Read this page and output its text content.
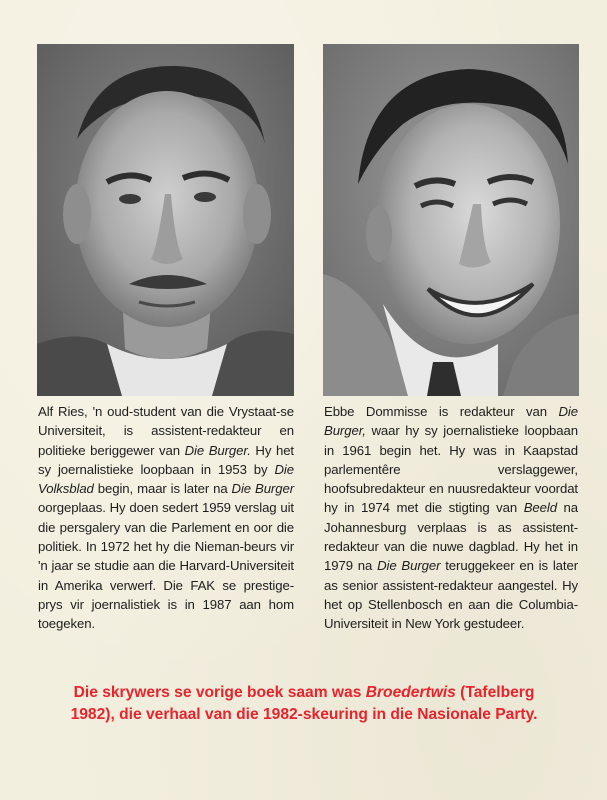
Alf Ries, 'n oud-student van die Vrystaat-se Universiteit, is assistent-redakteur en politieke beriggewer van Die Burger. Hy het sy joernalistieke loopbaan in 1953 by Die Volksblad begin, maar is later na Die Burger oorgeplaas. Hy doen sedert 1959 verslag uit die persgalery van die Parlement en oor die politiek. In 1972 het hy die Nieman-beurs vir 'n jaar se studie aan die Harvard-Universiteit in Amerika verwerf. Die FAK se prestige-prys vir joernalistiek is in 1987 aan hom toegeken.
Ebbe Dommisse is redakteur van Die Burger, waar hy sy joernalistieke loopbaan in 1961 begin het. Hy was in Kaapstad parlementêre verslaggewer, hoofsubredakteur en nuusredakteur voordat hy in 1974 met die stigting van Beeld na Johannesburg verplaas is as assistent-redakteur van die nuwe dagblad. Hy het in 1979 na Die Burger teruggekeer en is later as senior assistent-redakteur aangestel. Hy het op Stellenbosch en aan die Columbia-Universiteit in New York gestudeer.
Die skrywers se vorige boek saam was Broedertwis (Tafelberg 1982), die verhaal van die 1982-skeuring in die Nasionale Party.
